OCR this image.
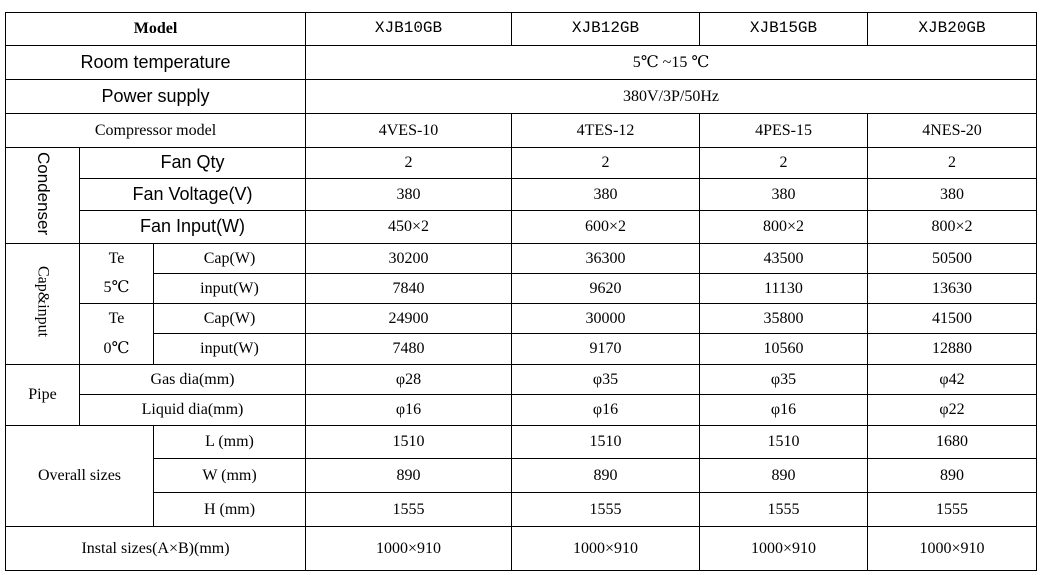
Model			XJB10GB	XJB12GB	XJB15GB	XJB20GB
Room temperature			5℃ ~15 ℃			
Power supply			380V/3P/50Hz			
Compressor model			4VES-10	4TES-12	4PES-15	4NES-20
Condenser	Fan Qty		2	2	2	2
	Fan Voltage(V)		380	380	380	380
	Fan Input(W)		450×2	600×2	800×2	800×2
Cap&input	Te	Cap(W)	30200	36300	43500	50500
	5℃	input(W)	7840	9620	11130	13630
	Te	Cap(W)	24900	30000	35800	41500
	0℃	input(W)	7480	9170	10560	12880
Pipe	Gas dia(mm)		φ28	φ35	φ35	φ42
	Liquid dia(mm)		φ16	φ16	φ16	φ22
Overall sizes		L (mm)	1510	1510	1510	1680
		W (mm)	890	890	890	890
		H (mm)	1555	1555	1555	1555
Instal sizes(A×B)(mm)			1000×910	1000×910	1000×910	1000×910
